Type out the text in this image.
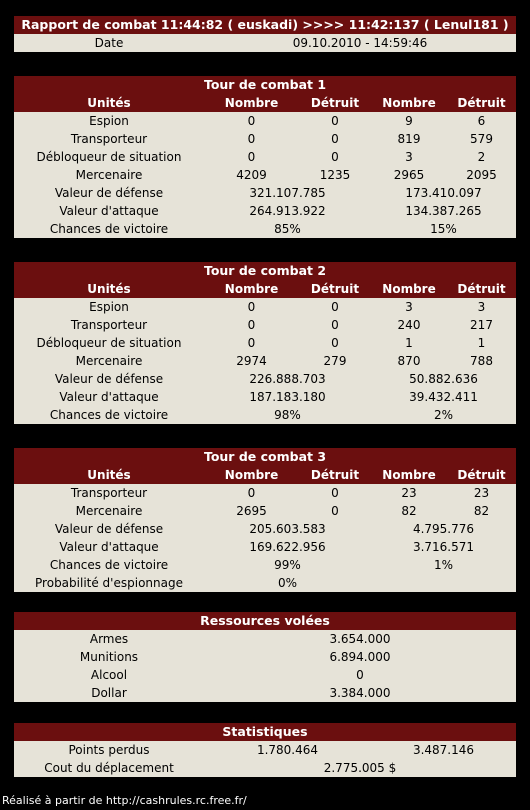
Rapport de combat 11:44:82 ( euskadi) >>>> 11:42:137 ( Lenul181 )
Date	09.10.2010 - 14:59:46
Tour de combat 1
Unités	Nombre	Détruit	Nombre	Détruit
Espion	0	0	9	6
Transporteur	0	0	819	579
Débloqueur de situation	0	0	3	2
Mercenaire	4209	1235	2965	2095
Valeur de défense	321.107.785	173.410.097
Valeur d'attaque	264.913.922	134.387.265
Chances de victoire	85%	15%
Tour de combat 2
Unités	Nombre	Détruit	Nombre	Détruit
Espion	0	0	3	3
Transporteur	0	0	240	217
Débloqueur de situation	0	0	1	1
Mercenaire	2974	279	870	788
Valeur de défense	226.888.703	50.882.636
Valeur d'attaque	187.183.180	39.432.411
Chances de victoire	98%	2%
Tour de combat 3
Unités	Nombre	Détruit	Nombre	Détruit
Transporteur	0	0	23	23
Mercenaire	2695	0	82	82
Valeur de défense	205.603.583	4.795.776
Valeur d'attaque	169.622.956	3.716.571
Chances de victoire	99%	1%
Probabilité d'espionnage	0%
Ressources volées
Armes	3.654.000
Munitions	6.894.000
Alcool	0
Dollar	3.384.000
Statistiques
Points perdus	1.780.464	3.487.146
Cout du déplacement	2.775.005 $
Réalisé à partir de http://cashrules.rc.free.fr/
